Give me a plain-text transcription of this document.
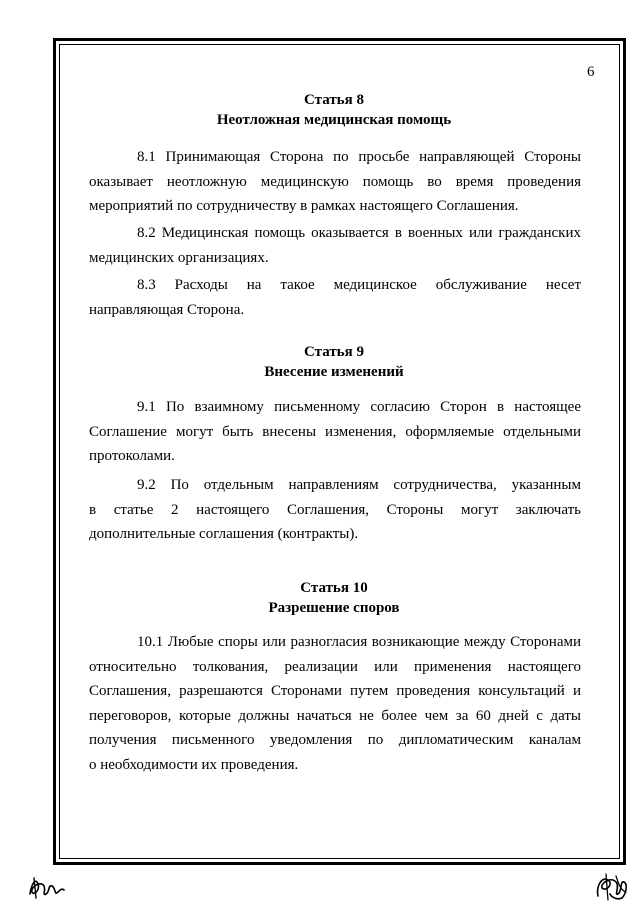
6
Статья 8
Неотложная медицинская помощь
8.1 Принимающая Сторона по просьбе направляющей Стороны
оказывает неотложную медицинскую помощь во время проведения
мероприятий по сотрудничеству в рамках настоящего Соглашения.
8.2 Медицинская помощь оказывается в военных или гражданских
медицинских организациях.
8.3 Расходы на такое медицинское обслуживание несет
направляющая Сторона.
Статья 9
Внесение изменений
9.1 По взаимному письменному согласию Сторон в настоящее
Соглашение могут быть внесены изменения, оформляемые отдельными
протоколами.
9.2 По отдельным направлениям сотрудничества, указанным
в статье 2 настоящего Соглашения, Стороны могут заключать
дополнительные соглашения (контракты).
Статья 10
Разрешение споров
10.1 Любые споры или разногласия возникающие между Сторонами
относительно толкования, реализации или применения настоящего
Соглашения, разрешаются Сторонами путем проведения консультаций и
переговоров, которые должны начаться не более чем за 60 дней с даты
получения письменного уведомления по дипломатическим каналам
о необходимости их проведения.
